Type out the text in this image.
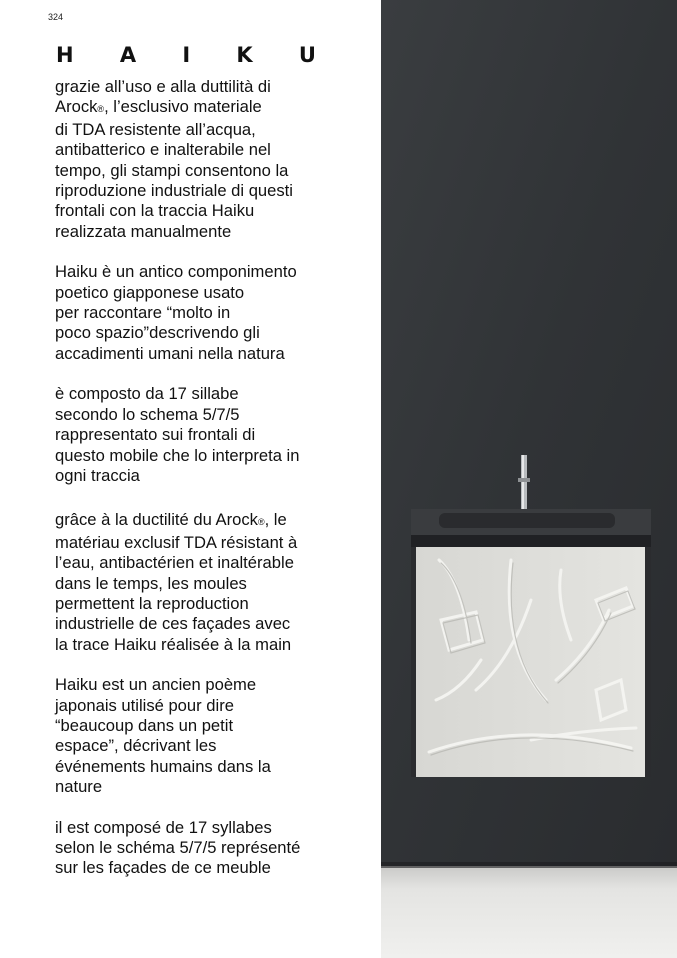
324
H A I K U

grazie all’uso e alla duttilità di
Arock®, l’esclusivo materiale
di TDA resistente all’acqua,
antibatterico e inalterabile nel
tempo, gli stampi consentono la
riproduzione industriale di questi
frontali con la traccia Haiku
realizzata manualmente

Haiku è un antico componimento
poetico giapponese usato
per raccontare “molto in
poco spazio”descrivendo gli
accadimenti umani nella natura

è composto da 17 sillabe
secondo lo schema 5/7/5
rappresentato sui frontali di
questo mobile che lo interpreta in
ogni traccia

grâce à la ductilité du Arock®, le
matériau exclusif TDA résistant à
l’eau, antibactérien et inaltérable
dans le temps, les moules
permettent la reproduction
industrielle de ces façades avec
la trace Haiku réalisée à la main

Haiku est un ancien poème
japonais utilisé pour dire
“beaucoup dans un petit
espace”, décrivant les
événements humains dans la
nature

il est composé de 17 syllabes
selon le schéma 5/7/5 représenté
sur les façades de ce meuble
